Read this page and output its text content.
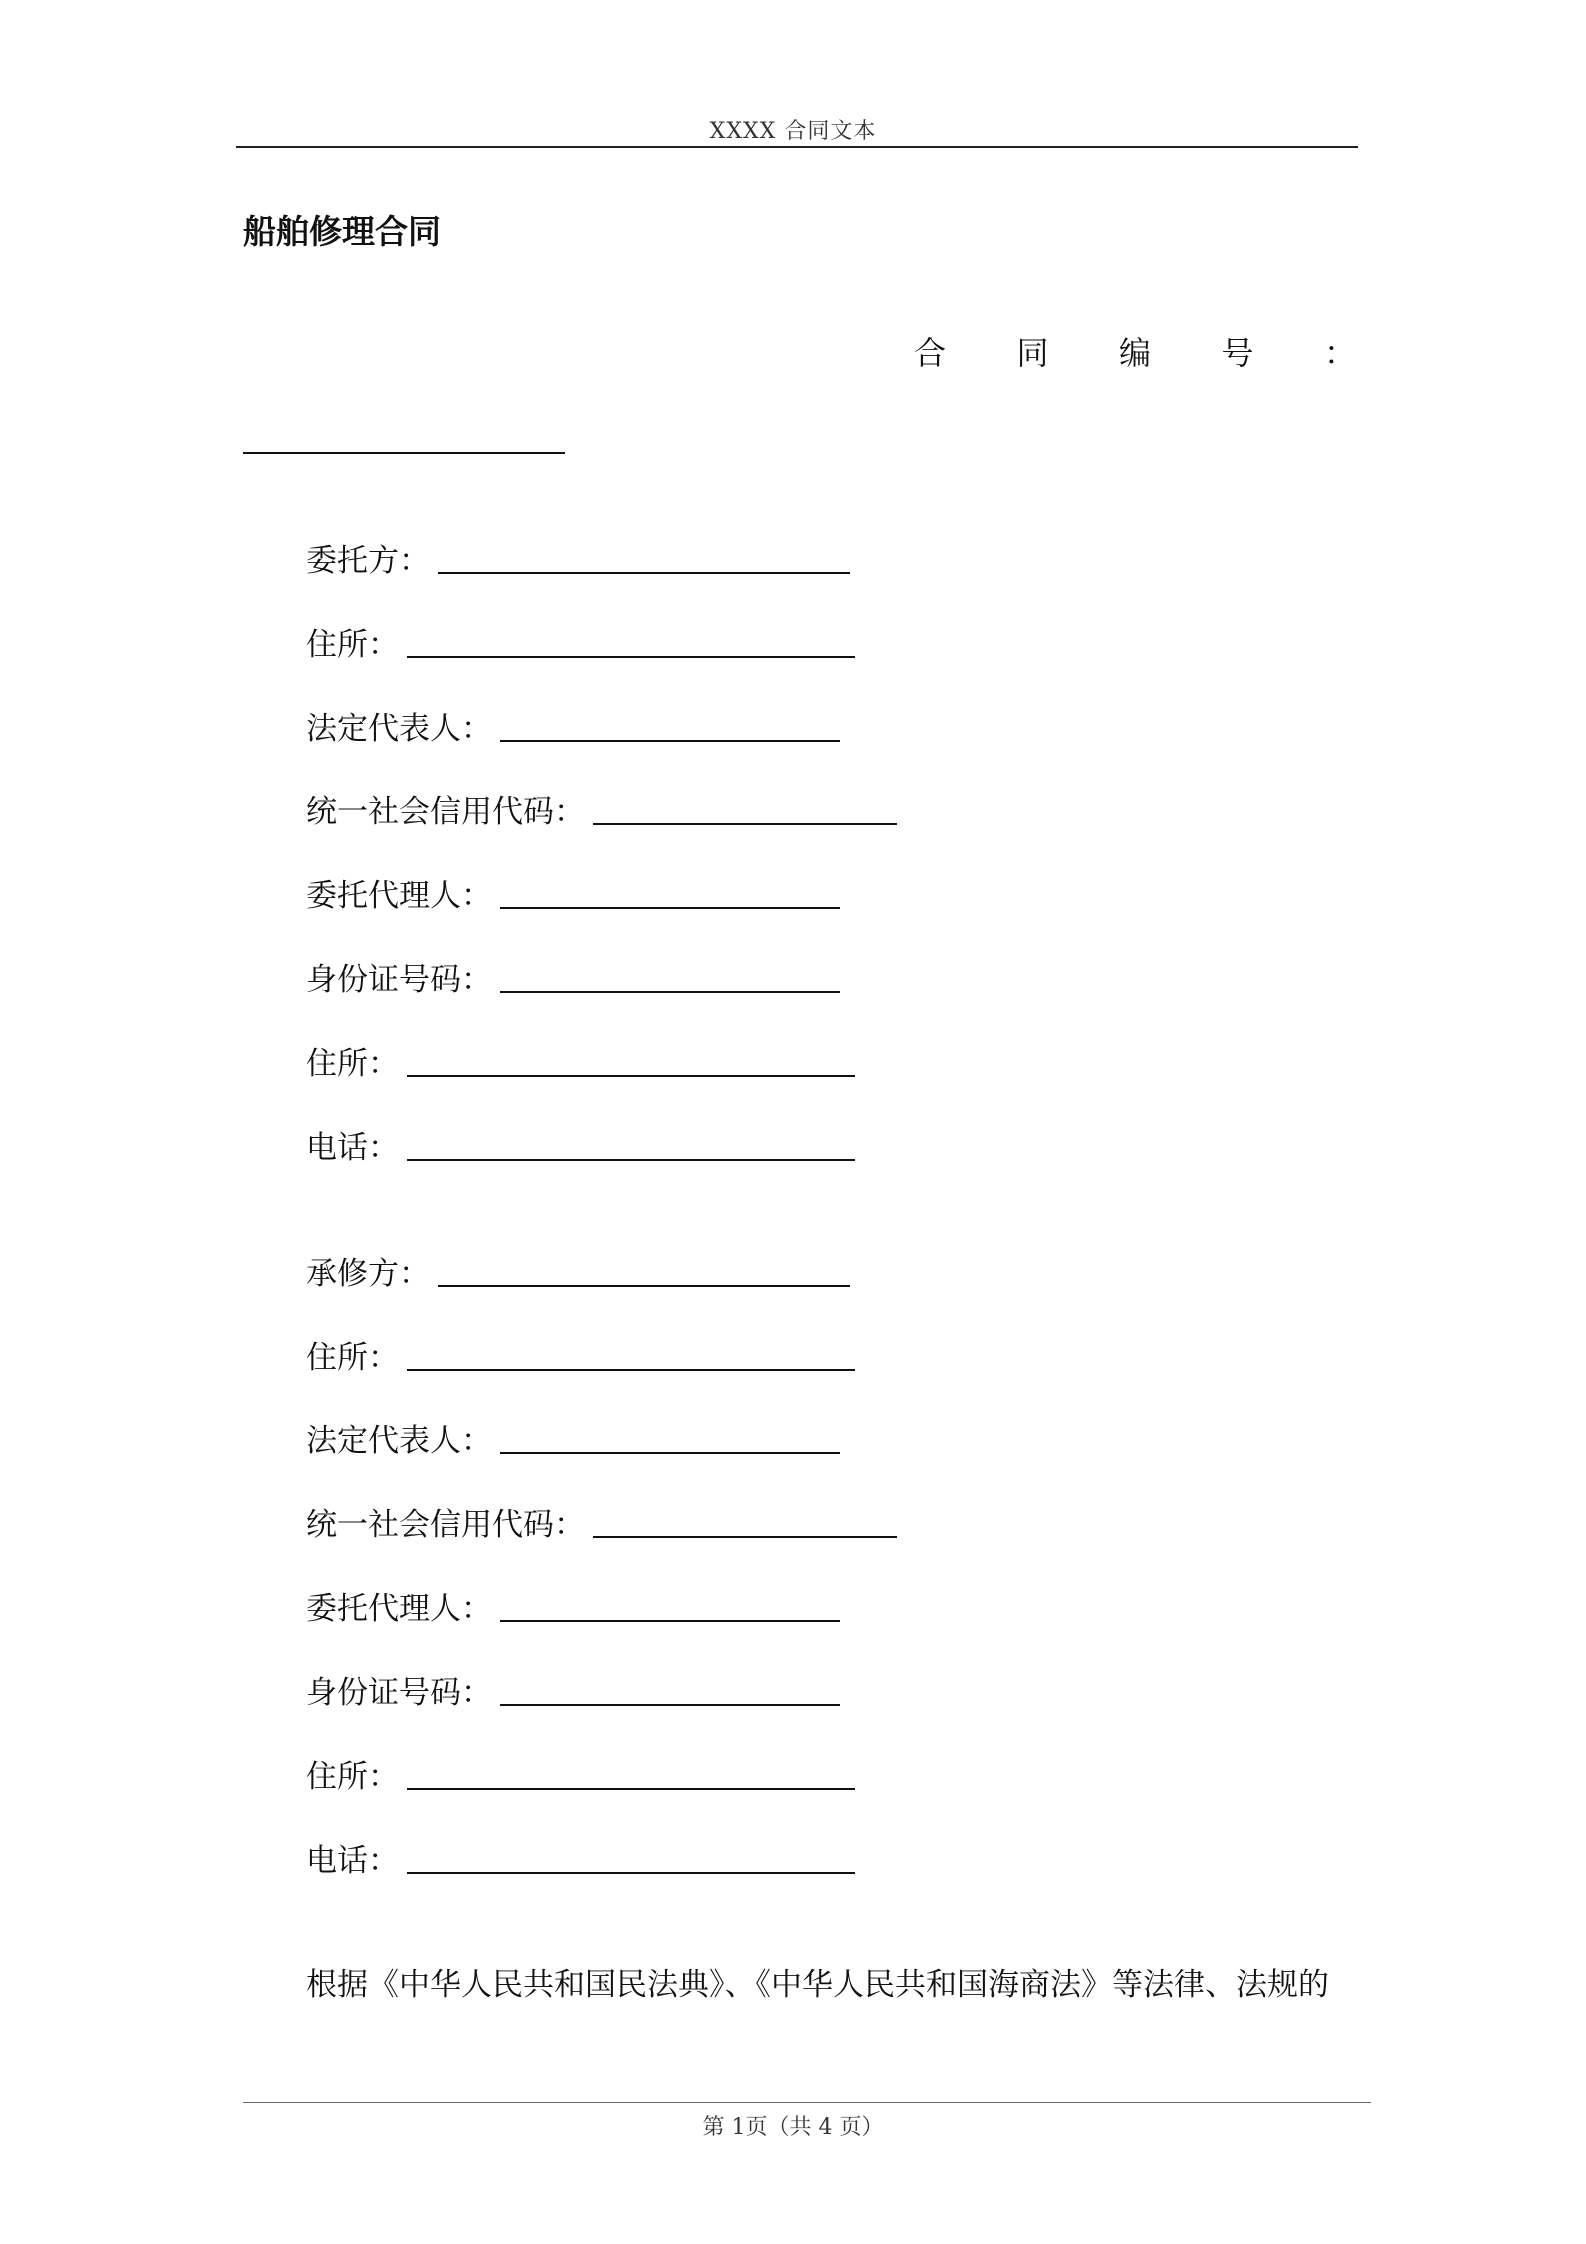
XXXX 合同文本
船舶修理合同
合 同 编 号 ：
委托方：
住所：
法定代表人：
统一社会信用代码：
委托代理人：
身份证号码：
住所：
电话：
承修方：
住所：
法定代表人：
统一社会信用代码：
委托代理人：
身份证号码：
住所：
电话：
根据《中华人民共和国民法典》、《中华人民共和国海商法》等法律、法规的
第 1页（共 4 页）
